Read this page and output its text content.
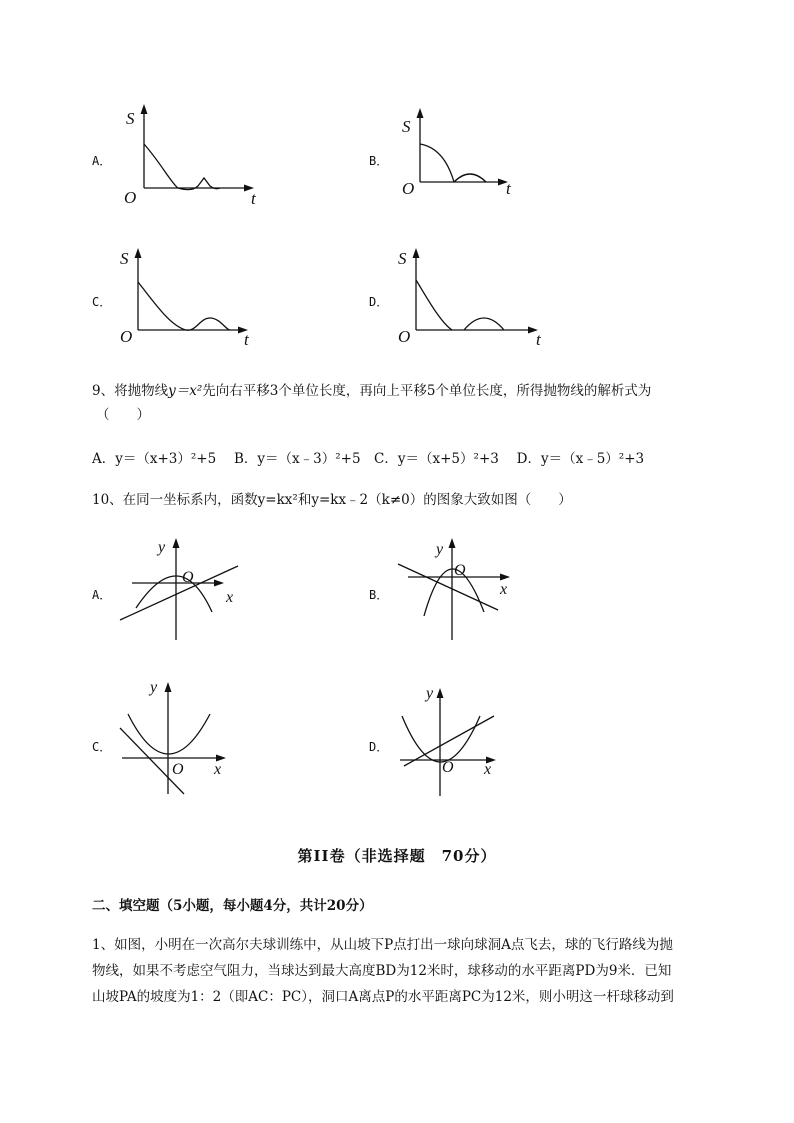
A．
S
O	t
B．
S
O	t
C．
S
O	t
D．
S
O	t
9、将抛物线y＝x²先向右平移3个单位长度，再向上平移5个单位长度，所得抛物线的解析式为
（　　）
A．y＝（x+3）²+5　 B．y＝（x﹣3）²+5　C．y＝（x+5）²+3　 D．y＝（x﹣5）²+3
10、在同一坐标系内，函数y=kx²和y=kx﹣2（k≠0）的图象大致如图（　　）
A．
y
O
x	B．
y
O
x
C．
y
O x
D．
y
O x
第II卷（非选择题　70分）
二、填空题（5小题，每小题4分，共计20分）
1、如图，小明在一次高尔夫球训练中，从山坡下P点打出一球向球洞A点飞去，球的飞行路线为抛
物线，如果不考虑空气阻力，当球达到最大高度BD为12米时，球移动的水平距离PD为9米．已知
山坡PA的坡度为1：2（即AC：PC），洞口A离点P的水平距离PC为12米，则小明这一杆球移动到
